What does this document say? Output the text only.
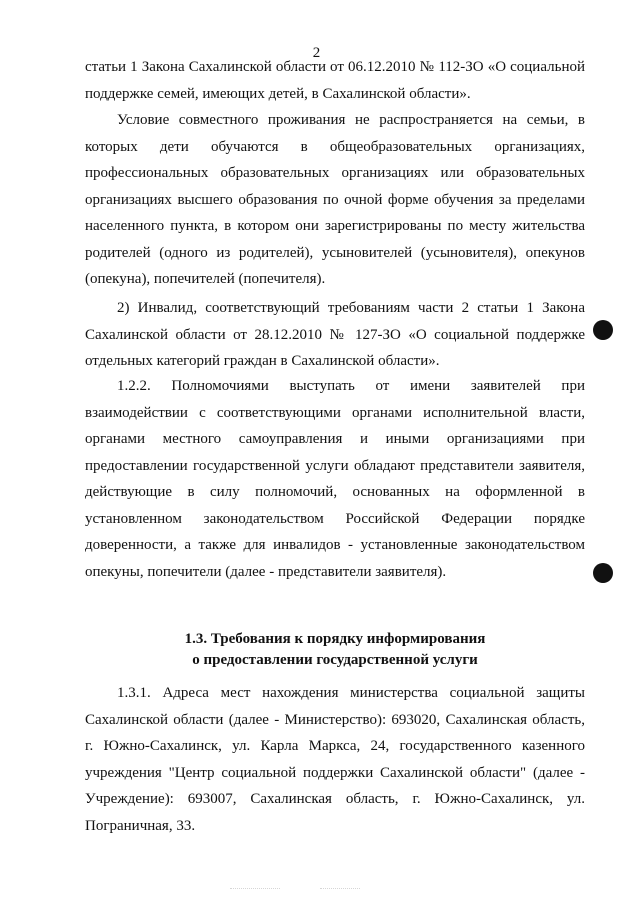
2

статьи 1 Закона Сахалинской области от 06.12.2010 № 112-ЗО «О социальной поддержке семей, имеющих детей, в Сахалинской области».

Условие совместного проживания не распространяется на семьи, в которых дети обучаются в общеобразовательных организациях, профессиональных образовательных организациях или образовательных организациях высшего образования по очной форме обучения за пределами населенного пункта, в котором они зарегистрированы по месту жительства родителей (одного из родителей), усыновителей (усыновителя), опекунов (опекуна), попечителей (попечителя).

2) Инвалид, соответствующий требованиям части 2 статьи 1 Закона Сахалинской области от 28.12.2010 № 127-ЗО «О социальной поддержке отдельных категорий граждан в Сахалинской области».

1.2.2. Полномочиями выступать от имени заявителей при взаимодействии с соответствующими органами исполнительной власти, органами местного самоуправления и иными организациями при предоставлении государственной услуги обладают представители заявителя, действующие в силу полномочий, основанных на оформленной в установленном законодательством Российской Федерации порядке доверенности, а также для инвалидов - установленные законодательством опекуны, попечители (далее - представители заявителя).

1.3. Требования к порядку информирования
о предоставлении государственной услуги

1.3.1. Адреса мест нахождения министерства социальной защиты Сахалинской области (далее - Министерство): 693020, Сахалинская область, г. Южно-Сахалинск, ул. Карла Маркса, 24, государственного казенного учреждения "Центр социальной поддержки Сахалинской области" (далее - Учреждение): 693007, Сахалинская область, г. Южно-Сахалинск, ул. Пограничная, 33.
